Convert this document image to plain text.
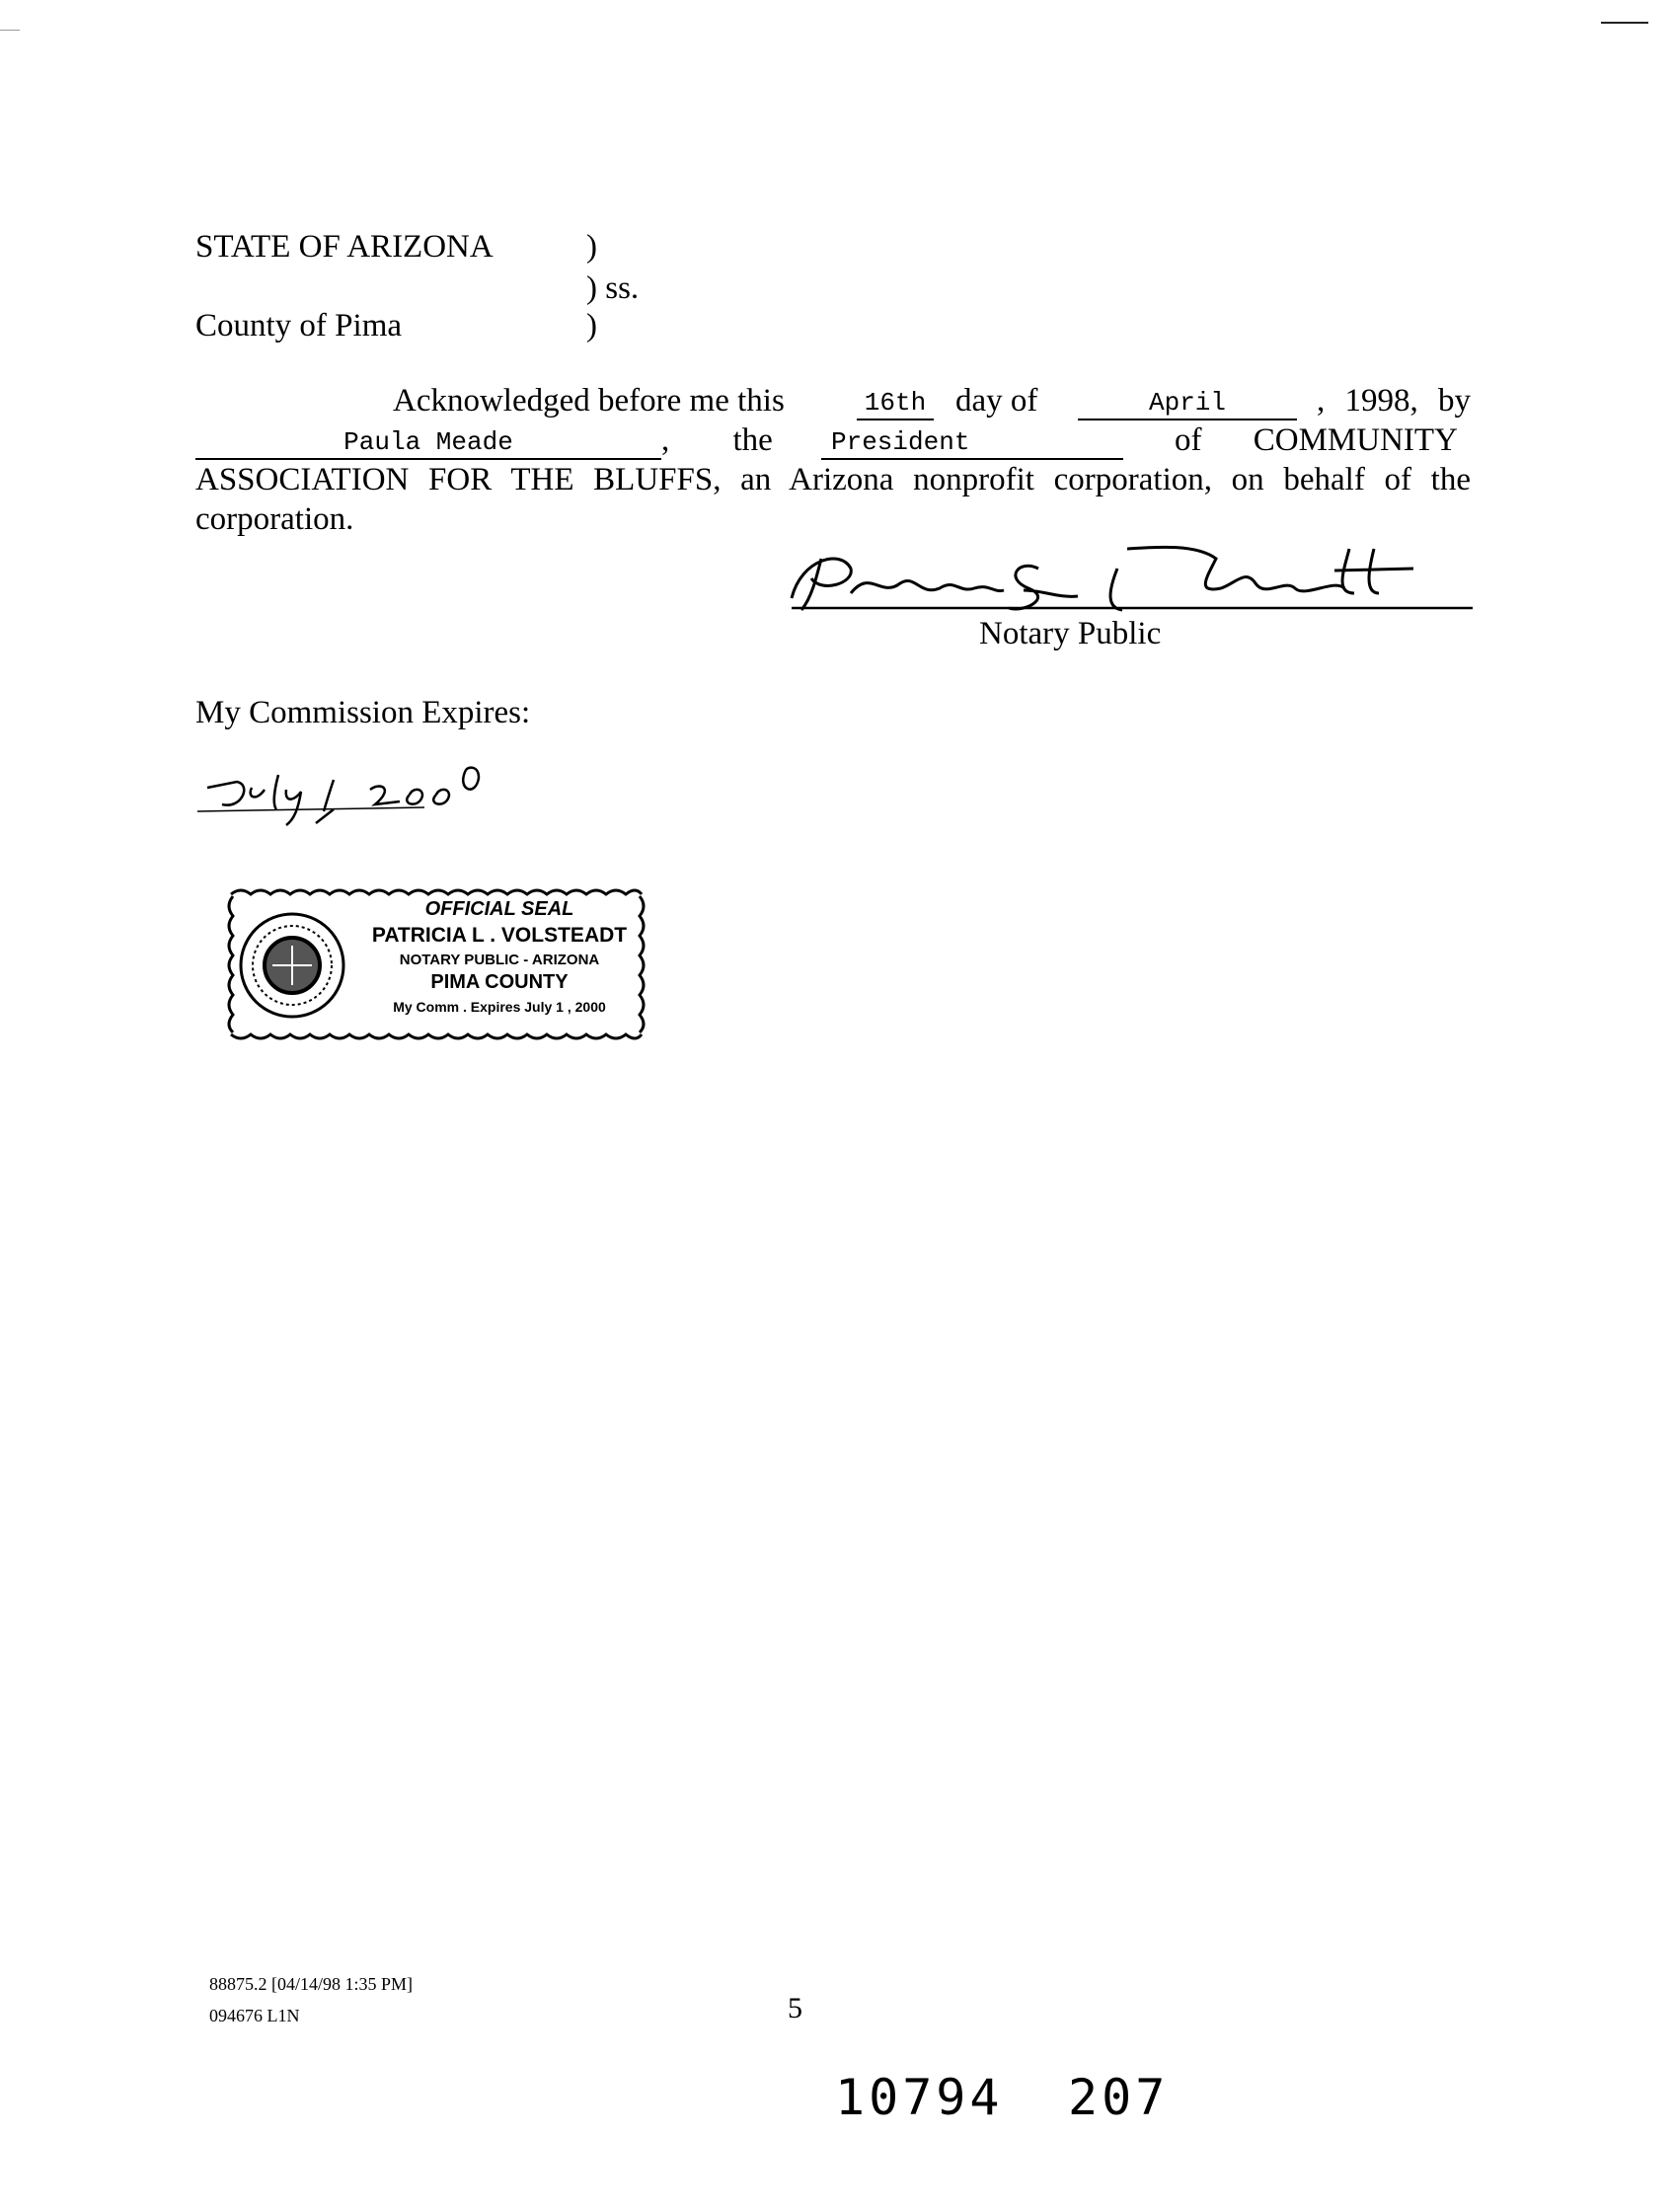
STATE OF ARIZONA	)
) ss.
County of Pima	)
Acknowledged before me this	16th day of	April	, 1998, by
Paula Meade	, the	President	of COMMUNITY
ASSOCIATION FOR THE BLUFFS, an Arizona nonprofit corporation, on behalf of the
corporation.
Patricia L. Volsteadt
Notary Public
My Commission Expires:
OFFICIAL SEAL
PATRICIA L . VOLSTEADT
NOTARY PUBLIC - ARIZONA
PIMA COUNTY
My Comm . Expires July 1 , 2000
88875.2 [04/14/98 1:35 PM]
094676 L1N	5
10794 207
